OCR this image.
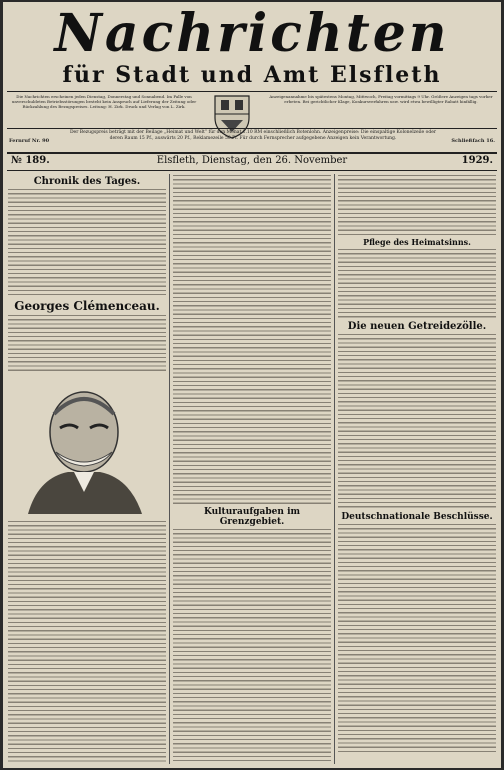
Nachrichten
für Stadt und Amt Elsfleth
Die Nachrichten erscheinen jeden Dienstag, Donnerstag und Sonnabend. Im Falle von unverschuldeten Betriebsstörungen besteht kein Anspruch auf Lieferung der Zeitung oder Rückzahlung des Bezugspreises. Leitung: H. Zirk. Druck und Verlag von L. Zirk.
Anzeigenannahme bis spätestens Montag, Mittwoch, Freitag vormittags 9 Uhr. Größere Anzeigen tags vorher erbeten. Bei gerichtlicher Klage, Konkursverfahren usw. wird etwa bewilligter Rabatt hinfällig.
Fernruf Nr. 90
Der Bezugspreis beträgt mit der Beilage „Heimat und Welt“ für den Monat 1.10 RM einschließlich Botenlohn. Anzeigenpreise: Die einspaltige Kolonelzeile oder deren Raum 15 Pf., auswärts 20 Pf., Reklamezeile 50 Pf. Für durch Fernsprecher aufgegebene Anzeigen kein Verantwortung.	Schließfach 16.
№ 189.	Elsfleth, Dienstag, den 26. November	1929.
Chronik des Tages.
Georges Clémenceau.
Kulturaufgaben im Grenzgebiet.
Pflege des Heimatsinns.
Die neuen Getreidezölle.
Deutschnationale Beschlüsse.
